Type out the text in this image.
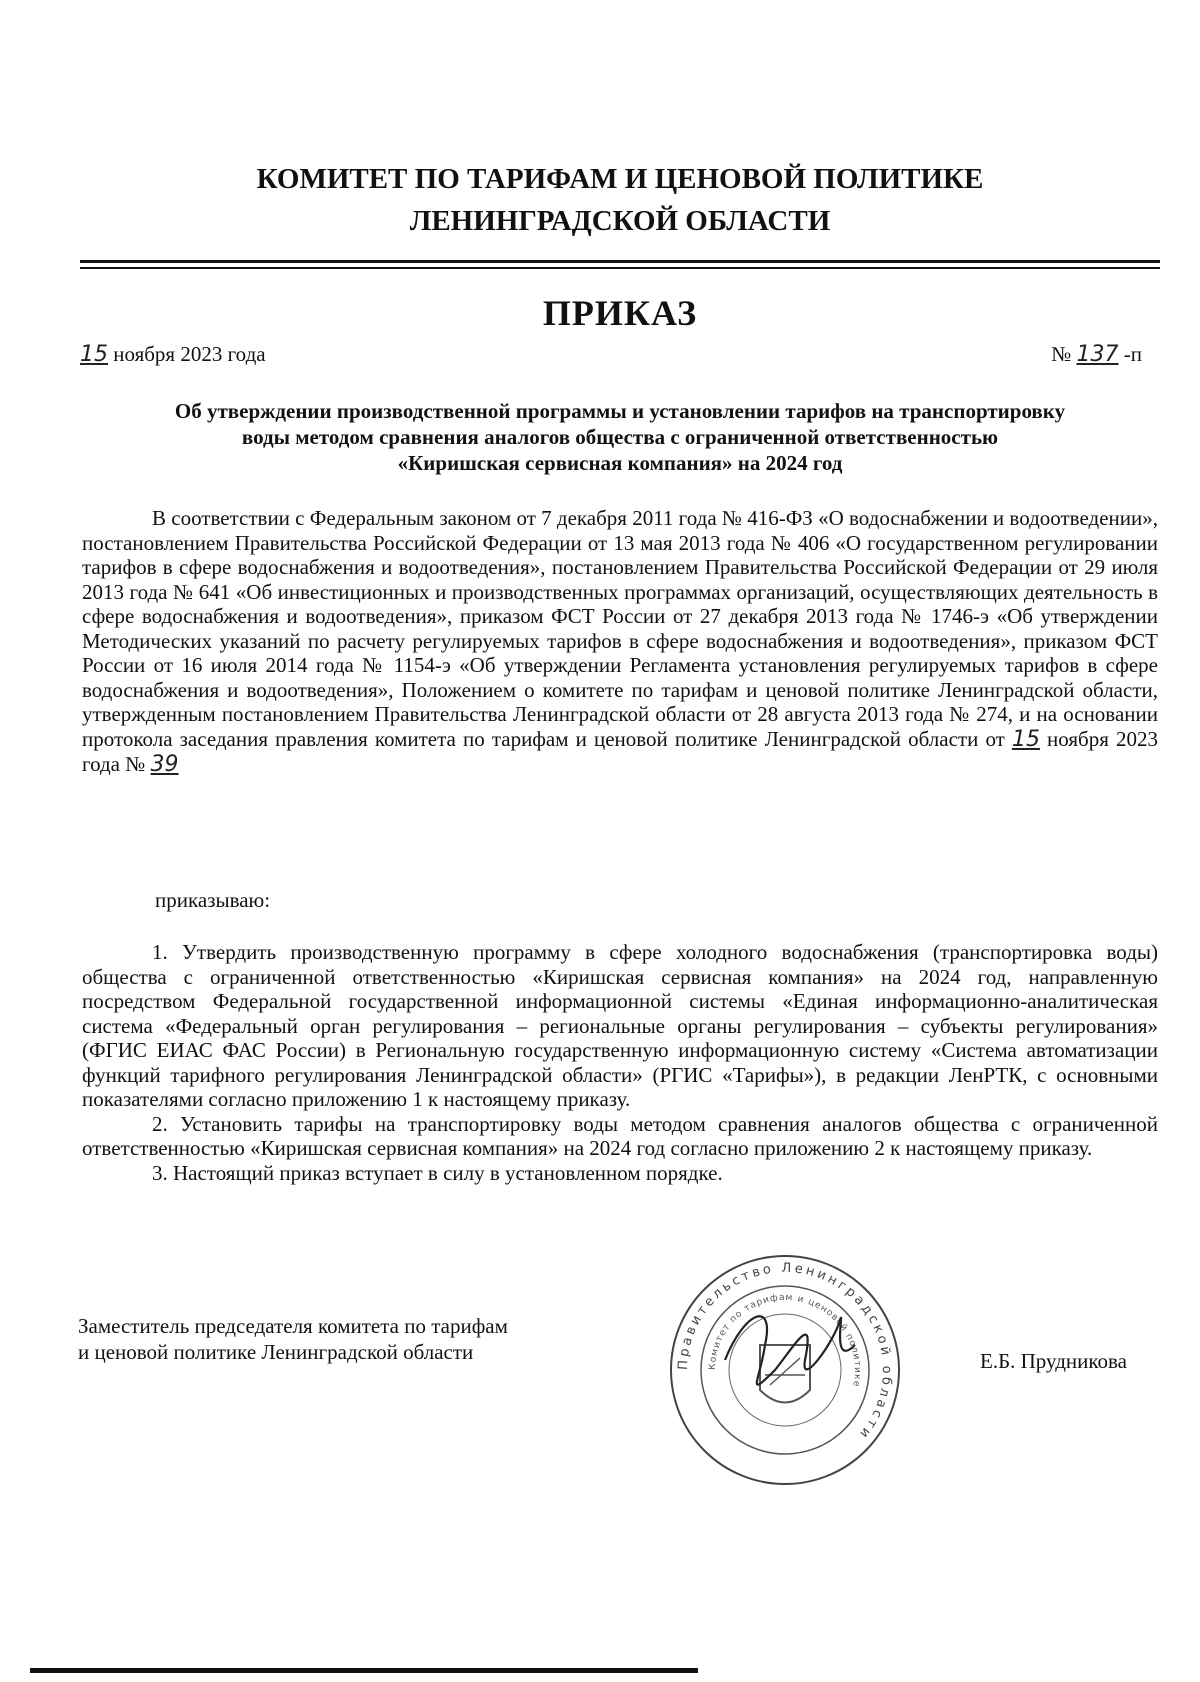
КОМИТЕТ ПО ТАРИФАМ И ЦЕНОВОЙ ПОЛИТИКЕ
ЛЕНИНГРАДСКОЙ ОБЛАСТИ
ПРИКАЗ
15 ноября 2023 года	№ 137 -п
Об утверждении производственной программы и установлении тарифов на транспортировку
воды методом сравнения аналогов общества с ограниченной ответственностью
«Киришская сервисная компания» на 2024 год

В соответствии с Федеральным законом от 7 декабря 2011 года № 416-ФЗ «О водоснабжении и водоотведении», постановлением Правительства Российской Федерации от 13 мая 2013 года № 406 «О государственном регулировании тарифов в сфере водоснабжения и водоотведения», постановлением Правительства Российской Федерации от 29 июля 2013 года № 641 «Об инвестиционных и производственных программах организаций, осуществляющих деятельность в сфере водоснабжения и водоотведения», приказом ФСТ России от 27 декабря 2013 года № 1746-э «Об утверждении Методических указаний по расчету регулируемых тарифов в сфере водоснабжения и водоотведения», приказом ФСТ России от 16 июля 2014 года № 1154-э «Об утверждении Регламента установления регулируемых тарифов в сфере водоснабжения и водоотведения», Положением о комитете по тарифам и ценовой политике Ленинградской области, утвержденным постановлением Правительства Ленинградской области от 28 августа 2013 года № 274, и на основании протокола заседания правления комитета по тарифам и ценовой политике Ленинградской области от 15 ноября 2023 года № 39

приказываю:

1. Утвердить производственную программу в сфере холодного водоснабжения (транспортировка воды) общества с ограниченной ответственностью «Киришская сервисная компания» на 2024 год, направленную посредством Федеральной государственной информационной системы «Единая информационно-аналитическая система «Федеральный орган регулирования – региональные органы регулирования – субъекты регулирования» (ФГИС ЕИАС ФАС России) в Региональную государственную информационную систему «Система автоматизации функций тарифного регулирования Ленинградской области» (РГИС «Тарифы»), в редакции ЛенРТК, с основными показателями согласно приложению 1 к настоящему приказу.

2. Установить тарифы на транспортировку воды методом сравнения аналогов общества с ограниченной ответственностью «Киришская сервисная компания» на 2024 год согласно приложению 2 к настоящему приказу.

3. Настоящий приказ вступает в силу в установленном порядке.

Заместитель председателя комитета по тарифам
и ценовой политике Ленинградской области	Правительство Ленинградской области
Комитет по тарифам и ценовой политике
Е.Б. Прудникова
